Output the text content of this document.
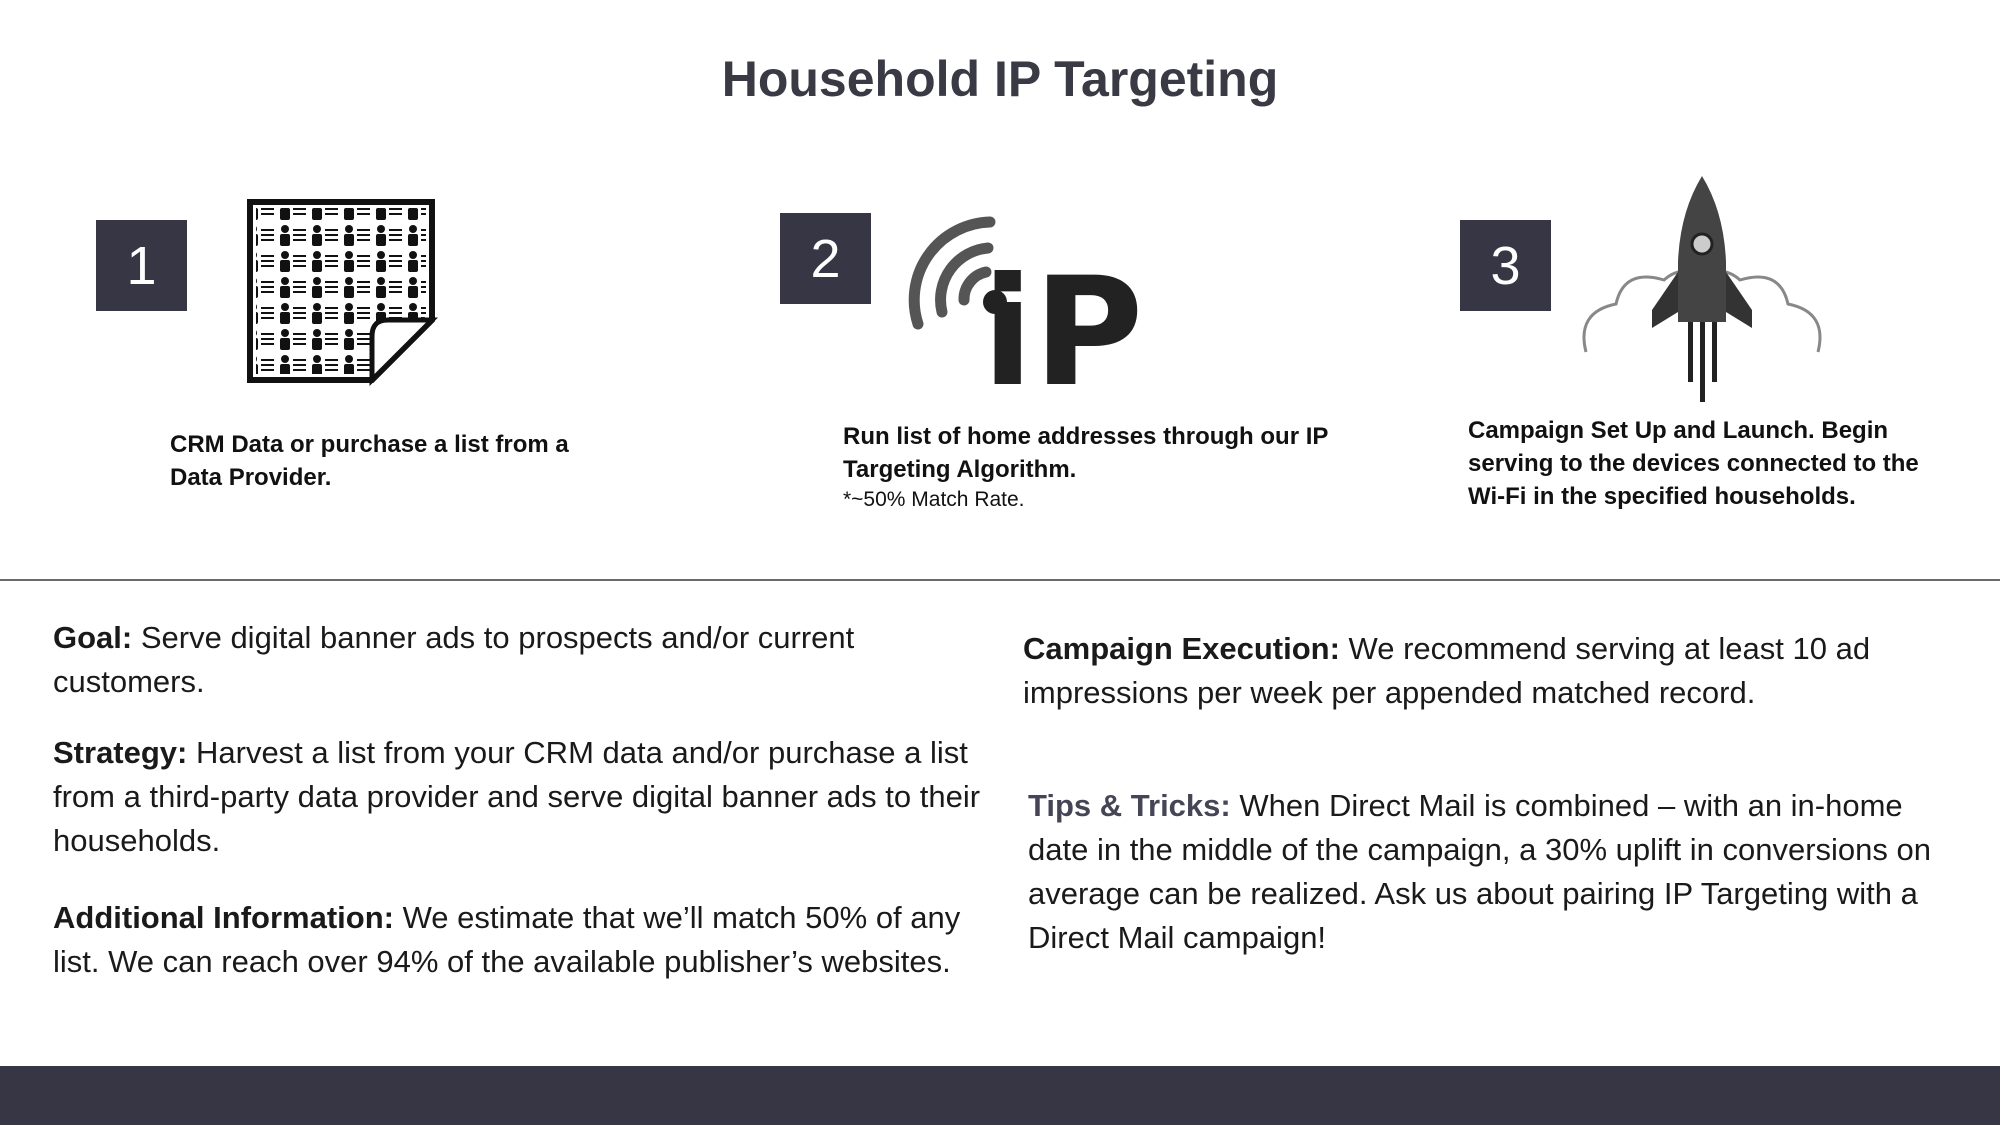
Household IP Targeting
1
CRM Data or purchase a list from a Data Provider.
2 iP
Run list of home addresses through our IP Targeting Algorithm.
*~50% Match Rate.
3
Campaign Set Up and Launch. Begin serving to the devices connected to the Wi-Fi in the specified households.

Goal: Serve digital banner ads to prospects and/or current customers.

Strategy: Harvest a list from your CRM data and/or purchase a list from a third-party data provider and serve digital banner ads to their households.

Additional Information: We estimate that we’ll match 50% of any list. We can reach over 94% of the available publisher’s websites.

Campaign Execution: We recommend serving at least 10 ad impressions per week per appended matched record.

Tips & Tricks: When Direct Mail is combined – with an in-home date in the middle of the campaign, a 30% uplift in conversions on average can be realized. Ask us about pairing IP Targeting with a Direct Mail campaign!
